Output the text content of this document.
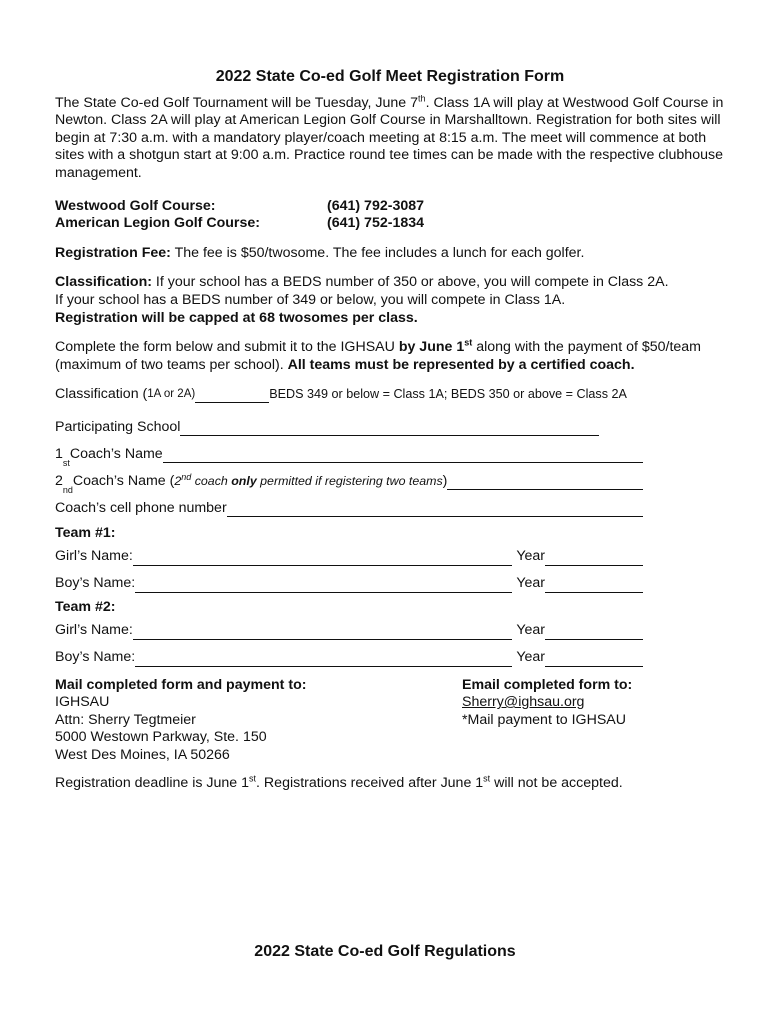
2022 State Co-ed Golf Meet Registration Form

The State Co-ed Golf Tournament will be Tuesday, June 7th. Class 1A will play at Westwood Golf Course in Newton. Class 2A will play at American Legion Golf Course in Marshalltown. Registration for both sites will begin at 7:30 a.m. with a mandatory player/coach meeting at 8:15 a.m. The meet will commence at both sites with a shotgun start at 9:00 a.m. Practice round tee times can be made with the respective clubhouse management.

Westwood Golf Course:	(641) 792-3087
American Legion Golf Course:	(641) 752-1834

Registration Fee: The fee is $50/twosome. The fee includes a lunch for each golfer.

Classification: If your school has a BEDS number of 350 or above, you will compete in Class 2A.
If your school has a BEDS number of 349 or below, you will compete in Class 1A.
Registration will be capped at 68 twosomes per class.

Complete the form below and submit it to the IGHSAU by June 1st along with the payment of $50/team (maximum of two teams per school). All teams must be represented by a certified coach.

Classification ( 1A or 2A)	BEDS 349 or below = Class 1A; BEDS 350 or above = Class 2A
Participating School
1
st
Coach’s Name
2
nd
Coach’s Name ( 2nd coach only permitted if registering two teams )
Coach’s cell phone number
Team #1:
Girl’s Name:	Year
Boy’s Name:	Year
Team #2:
Girl’s Name:	Year
Boy’s Name:	Year
Mail completed form and payment to:
IGHSAU
Attn: Sherry Tegtmeier
5000 Westown Parkway, Ste. 150
West Des Moines, IA 50266
Email completed form to:
Sherry@ighsau.org
*Mail payment to IGHSAU

Registration deadline is June 1st. Registrations received after June 1st will not be accepted.

2022 State Co-ed Golf Regulations
